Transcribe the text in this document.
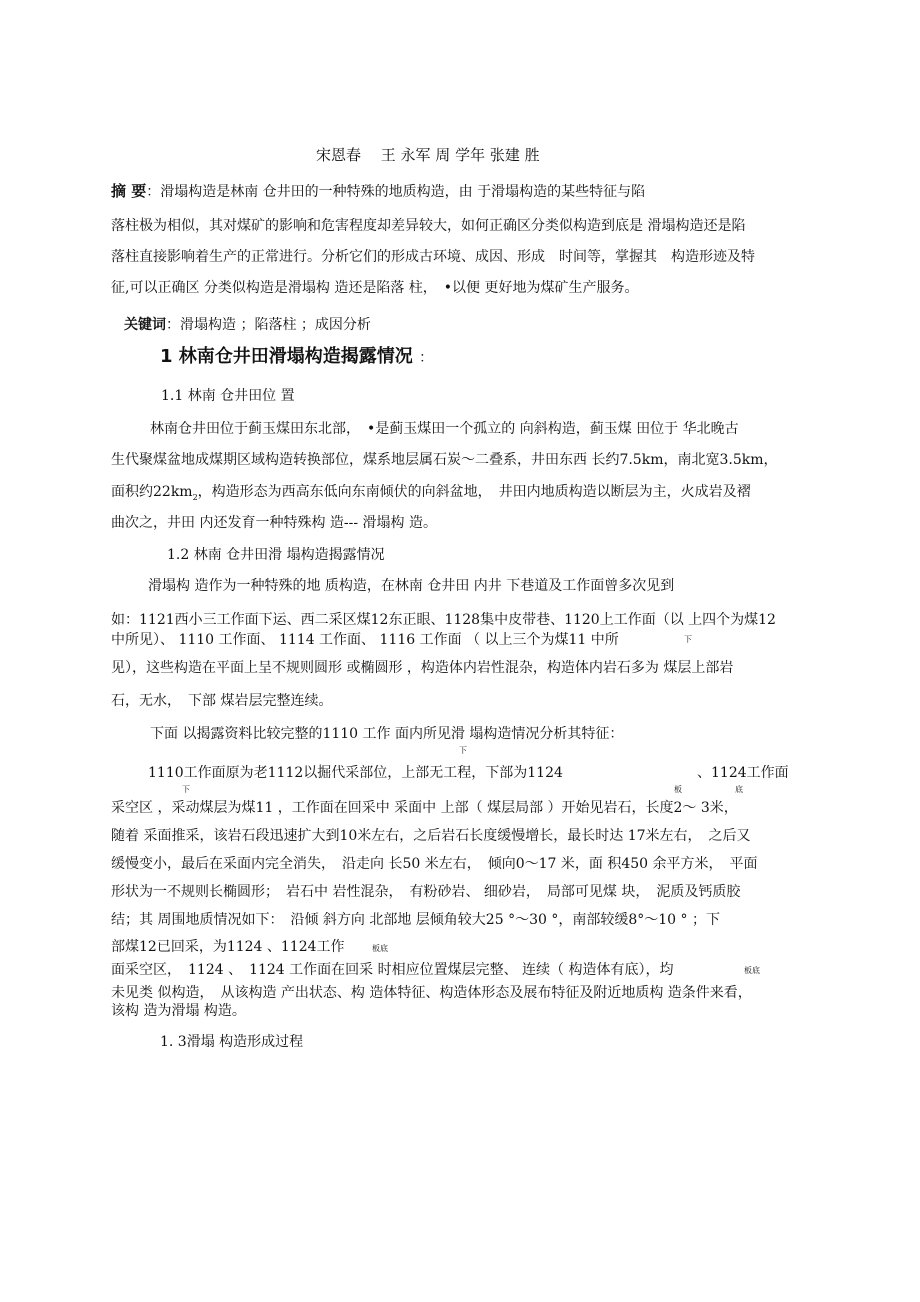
宋恩春　 王 永军 周 学年 张建 胜
摘 要：滑塌构造是林南 仓井田的一种特殊的地质构造，由 于滑塌构造的某些特征与陷
落柱极为相似，其对煤矿的影响和危害程度却差异较大，如何正确区分类似构造到底是 滑塌构造还是陷
落柱直接影响着生产的正常进行。分析它们的形成古环境、成因、形成　时间等，掌握其　构造形迹及特
征,可以正确区 分类似构造是滑塌构 造还是陷落 柱，　•以便 更好地为煤矿生产服务。
关键词：滑塌构造 ；陷落柱 ；成因分析
1 林南仓井田滑塌构造揭露情况 ：
1.1 林南 仓井田位 置
林南仓井田位于蓟玉煤田东北部，　•是蓟玉煤田一个孤立的 向斜构造，蓟玉煤 田位于 华北晚古
生代聚煤盆地成煤期区域构造转换部位，煤系地层属石炭〜二叠系，井田东西 长约7.5km，南北宽3.5km，
面积约$22km_2$，构造形态为西高东低向东南倾伏的向斜盆地，　井田内地质构造以断层为主，火成岩及褶
曲次之，井田 内还发育一种特殊构 造--- 滑塌构 造。
1.2 林南 仓井田滑 塌构造揭露情况
滑塌构 造作为一种特殊的地 质构造，在林南 仓井田 内井 下巷道及工作面曾多次见到
如：1121西小三工作面下运、西二采区煤12东正眼、1128集中皮带巷、1120上工作面（以 上四个为煤12
中所见）、 1110 工作面、 1114 工作面、 1116 工作面 （ 以上三个为煤11 中所	下
见），这些构造在平面上呈不规则圆形 或椭圆形 ，构造体内岩性混杂，构造体内岩石多为 煤层上部岩
石，无水，　下部 煤岩层完整连续。
下面 以揭露资料比较完整的1110 工作 面内所见滑 塌构造情况分析其特征：
下
1110工作面原为老1112以掘代采部位，上部无工程，下部为1124	、1124工作面
下	板	底
采空区 ，采动煤层为煤11 ，工作面在回采中 采面中 上部（ 煤层局部 ）开始见岩石，长度2〜 3米，
随着 采面推采，该岩石段迅速扩大到10米左右，之后岩石长度缓慢增长，最长时达 17米左右，　之后又
缓慢变小，最后在采面内完全消失，　沿走向 长50 米左右，　倾向0〜17 米，面 积450 余平方米，　平面
形状为一不规则长椭圆形；　岩石中 岩性混杂，　有粉砂岩、 细砂岩，　局部可见煤 块，　泥质及钙质胶
结；其 周围地质情况如下：　沿倾 斜方向 北部地 层倾角较大25 °〜30 °，南部较缓8°〜10 ° ；下
部煤12已回采，为1124 、1124工作	板底
面采空区，　1124 、　1124 工作面在回采 时相应位置煤层完整、 连续（ 构造体有底），均	板底
未见类 似构造，　从该构造 产出状态、构 造体特征、构造体形态及展布特征及附近地质构 造条件来看，
该构 造为滑塌 构造。
1. 3滑塌 构造形成过程
